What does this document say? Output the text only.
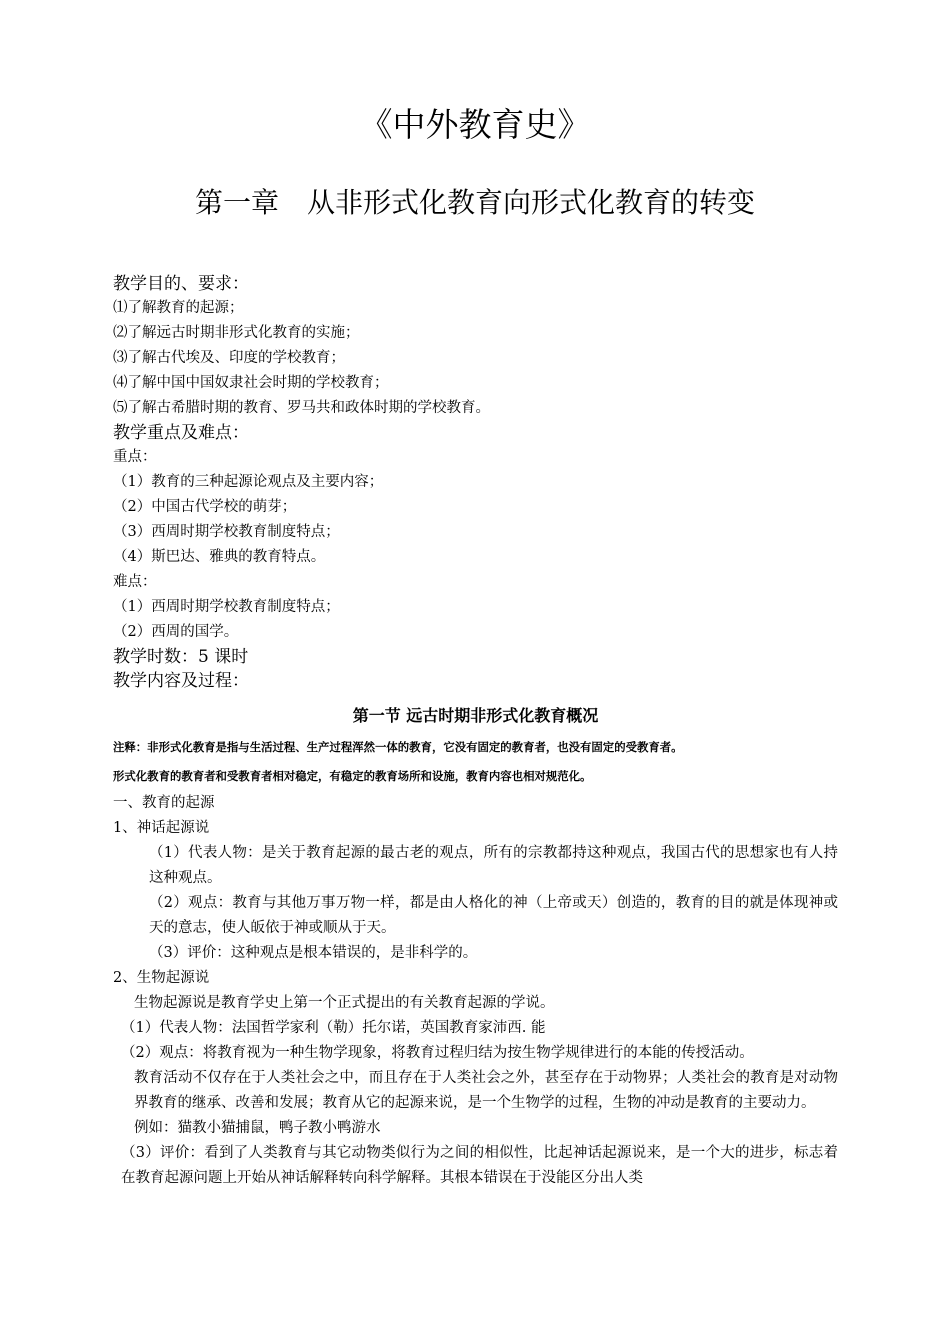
《中外教育史》
第一章 从非形式化教育向形式化教育的转变
教学目的、要求：
⑴了解教育的起源；
⑵了解远古时期非形式化教育的实施；
⑶了解古代埃及、印度的学校教育；
⑷了解中国中国奴隶社会时期的学校教育；
⑸了解古希腊时期的教育、罗马共和政体时期的学校教育。
教学重点及难点：
重点：
（1）教育的三种起源论观点及主要内容；
（2）中国古代学校的萌芽；
（3）西周时期学校教育制度特点；
（4）斯巴达、雅典的教育特点。
难点：
（1）西周时期学校教育制度特点；
（2）西周的国学。
教学时数：5 课时
教学内容及过程：
第一节 远古时期非形式化教育概况
注释：非形式化教育是指与生活过程、生产过程浑然一体的教育，它没有固定的教育者，也没有固定的受教育者。
形式化教育的教育者和受教育者相对稳定，有稳定的教育场所和设施，教育内容也相对规范化。
一、教育的起源
1、神话起源说
（1）代表人物：是关于教育起源的最古老的观点，所有的宗教都持这种观点，我国古代的思想家也有人持这种观点。
（2）观点：教育与其他万事万物一样，都是由人格化的神（上帝或天）创造的，教育的目的就是体现神或天的意志，使人皈依于神或顺从于天。
（3）评价：这种观点是根本错误的，是非科学的。
2、生物起源说
生物起源说是教育学史上第一个正式提出的有关教育起源的学说。
（1）代表人物：法国哲学家利（勒）托尔诺，英国教育家沛西. 能
（2）观点：将教育视为一种生物学现象，将教育过程归结为按生物学规律进行的本能的传授活动。
教育活动不仅存在于人类社会之中，而且存在于人类社会之外，甚至存在于动物界；人类社会的教育是对动物界教育的继承、改善和发展；教育从它的起源来说，是一个生物学的过程，生物的冲动是教育的主要动力。
例如：猫教小猫捕鼠，鸭子教小鸭游水
（3）评价：看到了人类教育与其它动物类似行为之间的相似性，比起神话起源说来，是一个大的进步，标志着在教育起源问题上开始从神话解释转向科学解释。其根本错误在于没能区分出人类
